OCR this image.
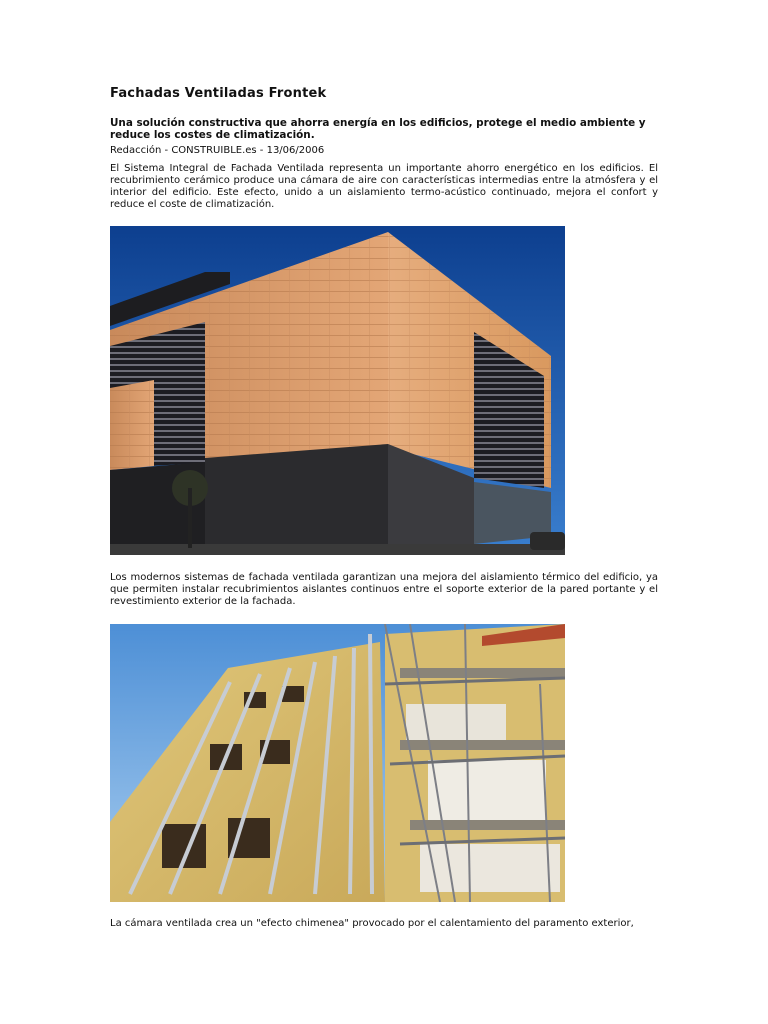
Fachadas Ventiladas Frontek
Una solución constructiva que ahorra energía en los edificios, protege el medio ambiente y reduce los costes de climatización.
Redacción - CONSTRUIBLE.es - 13/06/2006
El Sistema Integral de Fachada Ventilada representa un importante ahorro energético en los edificios. El recubrimiento cerámico produce una cámara de aire con características intermedias entre la atmósfera y el interior del edificio. Este efecto, unido a un aislamiento termo-acústico continuado, mejora el confort y reduce el coste de climatización.
Los modernos sistemas de fachada ventilada garantizan una mejora del aislamiento térmico del edificio, ya que permiten instalar recubrimientos aislantes continuos entre el soporte exterior de la pared portante y el revestimiento exterior de la fachada.
La cámara ventilada crea un "efecto chimenea" provocado por el calentamiento del paramento exterior,
